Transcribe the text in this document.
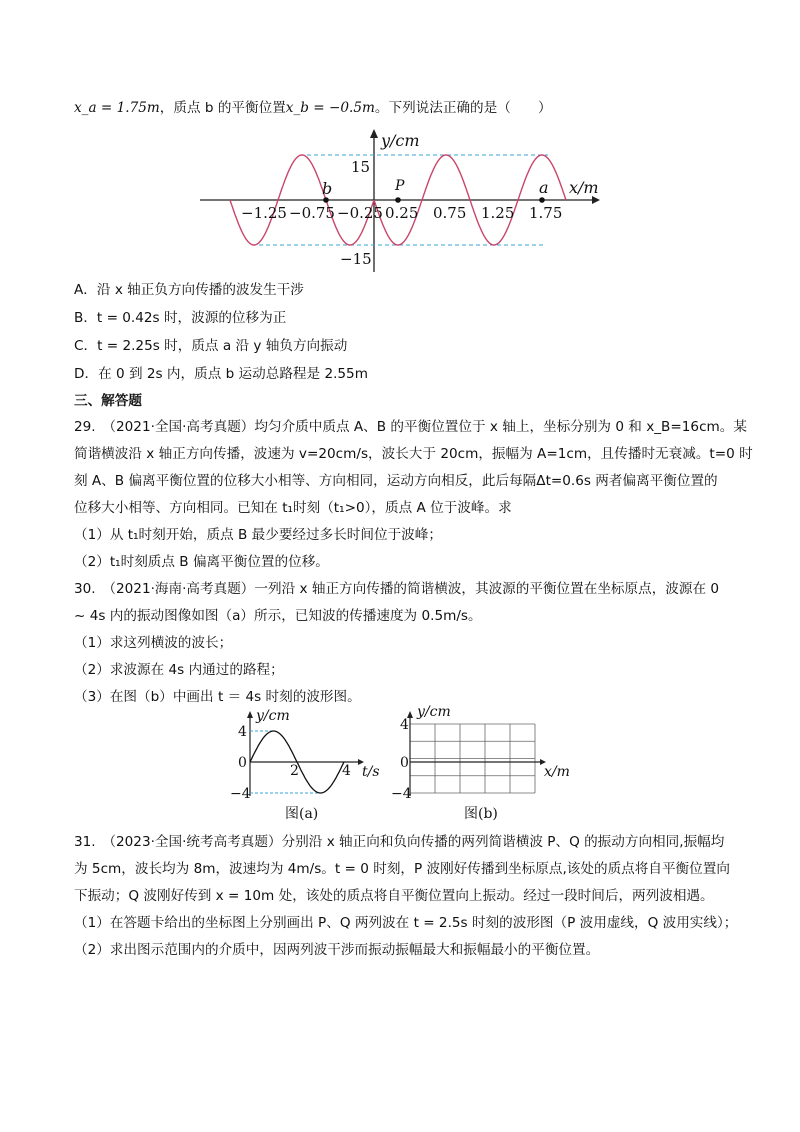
x_a = 1.75m，质点 b 的平衡位置x_b = −0.5m。下列说法正确的是（　　）
y/cm
x/m
15
−15
−1.25 −0.75 −0.25 0.25 0.75 1.25 1.75
b	P	a
A．沿 x 轴正负方向传播的波发生干涉
B．t = 0.42s 时，波源的位移为正
C．t = 2.25s 时，质点 a 沿 y 轴负方向振动
D．在 0 到 2s 内，质点 b 运动总路程是 2.55m
三、解答题
29.　（2021·全国·高考真题）均匀介质中质点 A、B 的平衡位置位于 x 轴上，坐标分别为 0 和 x_B=16cm。某
简谐横波沿 x 轴正方向传播，波速为 v=20cm/s，波长大于 20cm，振幅为 A=1cm，且传播时无衰减。t=0 时
刻 A、B 偏离平衡位置的位移大小相等、方向相同，运动方向相反，此后每隔Δt=0.6s 两者偏离平衡位置的
位移大小相等、方向相同。已知在 t₁时刻（t₁>0），质点 A 位于波峰。求
（1）从 t₁时刻开始，质点 B 最少要经过多长时间位于波峰；
（2）t₁时刻质点 B 偏离平衡位置的位移。
30.　（2021·海南·高考真题）一列沿 x 轴正方向传播的简谐横波，其波源的平衡位置在坐标原点，波源在 0
~ 4s 内的振动图像如图（a）所示，已知波的传播速度为 0.5m/s。
（1）求这列横波的波长；
（2）求波源在 4s 内通过的路程；
（3）在图（b）中画出 t ＝ 4s 时刻的波形图。
y/cm
t/s
4
0
−4
2	4
图(a)
y/cm
x/m
4
0
−4
图(b)
31.　（2023·全国·统考高考真题）分别沿 x 轴正向和负向传播的两列简谐横波 P、Q 的振动方向相同,振幅均
为 5cm，波长均为 8m，波速均为 4m/s。t = 0 时刻，P 波刚好传播到坐标原点,该处的质点将自平衡位置向
下振动；Q 波刚好传到 x = 10m 处，该处的质点将自平衡位置向上振动。经过一段时间后，两列波相遇。
（1）在答题卡给出的坐标图上分别画出 P、Q 两列波在 t = 2.5s 时刻的波形图（P 波用虚线，Q 波用实线）；
（2）求出图示范围内的介质中，因两列波干涉而振动振幅最大和振幅最小的平衡位置。
